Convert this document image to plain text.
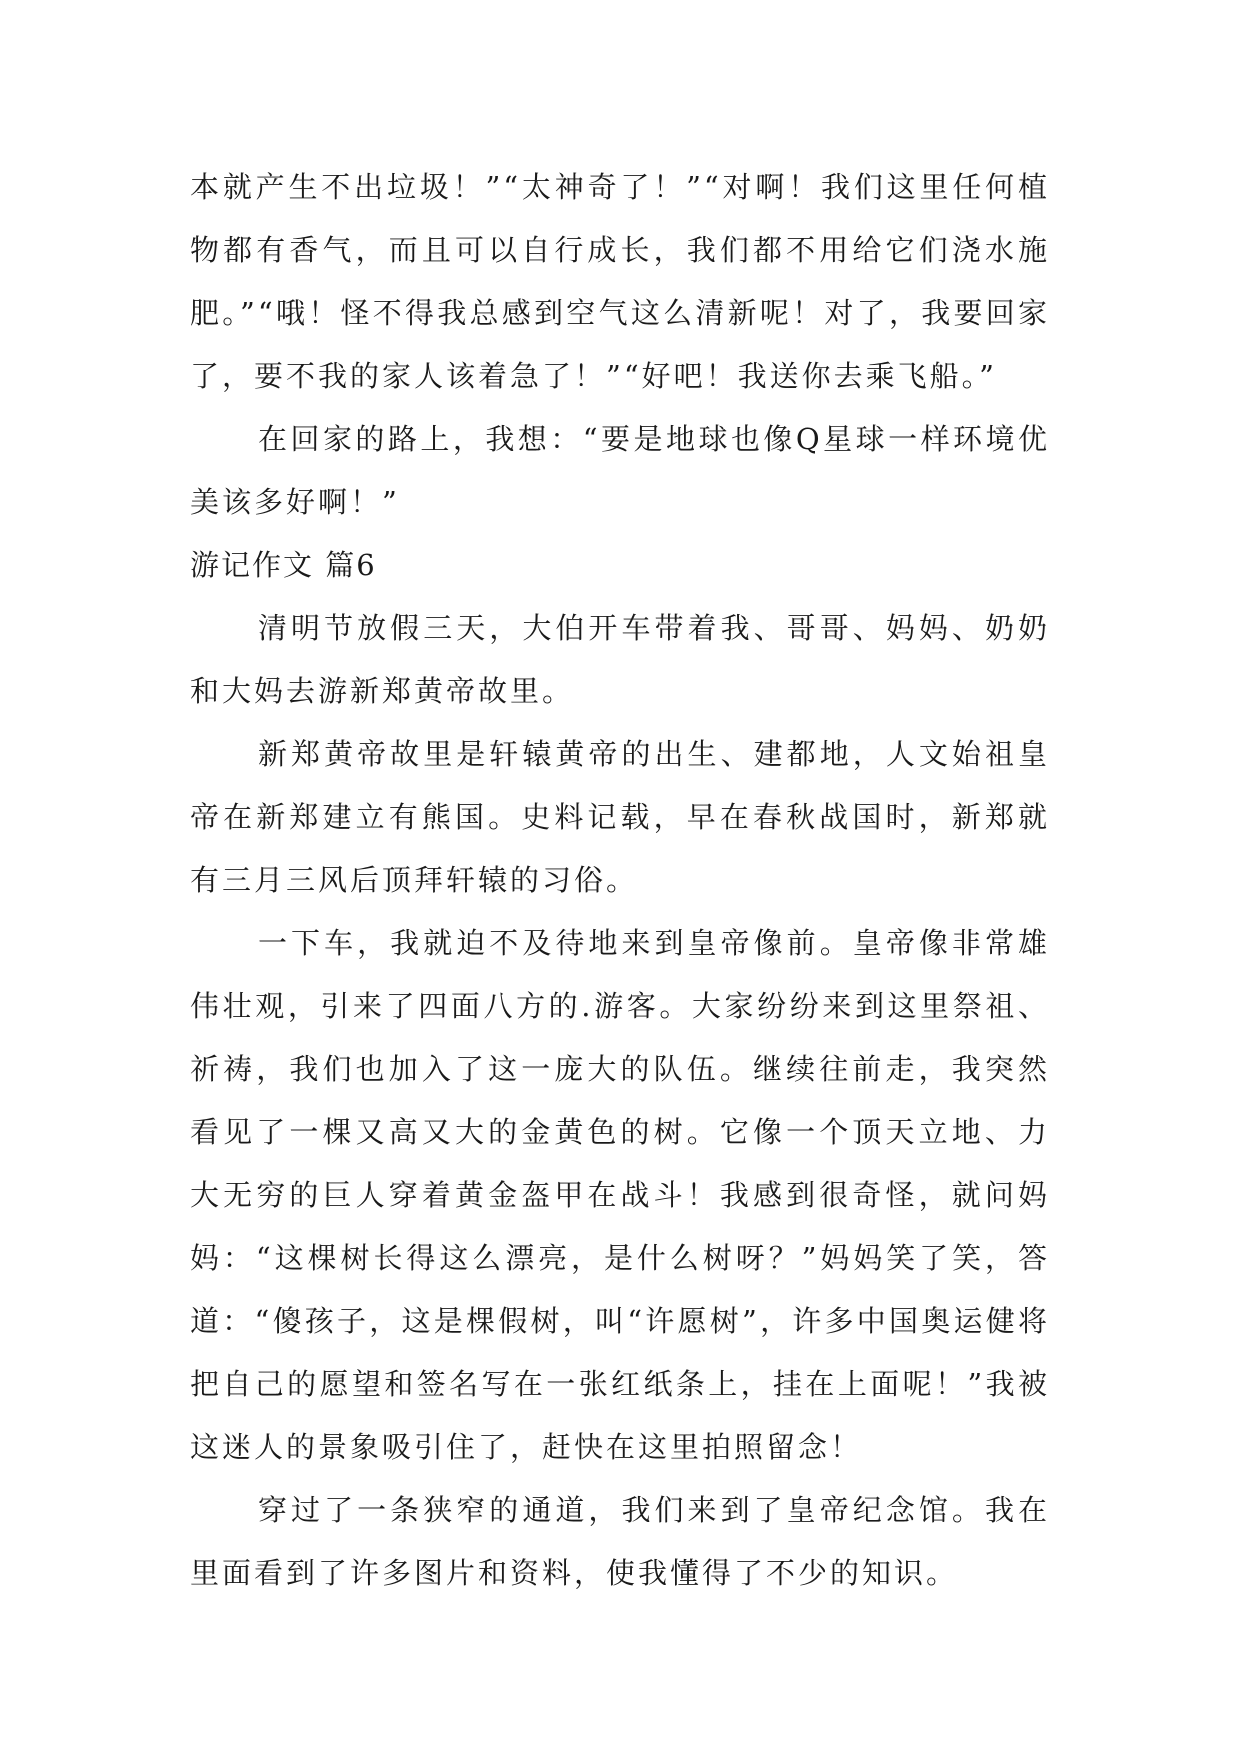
本就产生不出垃圾！”“太神奇了！”“对啊！我们这里任何植物都有香气，而且可以自行成长，我们都不用给它们浇水施肥。”“哦！怪不得我总感到空气这么清新呢！对了，我要回家了，要不我的家人该着急了！”“好吧！我送你去乘飞船。”

在回家的路上，我想：“要是地球也像Q星球一样环境优美该多好啊！”

游记作文 篇6

清明节放假三天，大伯开车带着我、哥哥、妈妈、奶奶和大妈去游新郑黄帝故里。

新郑黄帝故里是轩辕黄帝的出生、建都地，人文始祖皇帝在新郑建立有熊国。史料记载，早在春秋战国时，新郑就有三月三风后顶拜轩辕的习俗。

一下车，我就迫不及待地来到皇帝像前。皇帝像非常雄伟壮观，引来了四面八方的.游客。大家纷纷来到这里祭祖、祈祷，我们也加入了这一庞大的队伍。继续往前走，我突然看见了一棵又高又大的金黄色的树。它像一个顶天立地、力大无穷的巨人穿着黄金盔甲在战斗！我感到很奇怪，就问妈妈：“这棵树长得这么漂亮，是什么树呀？”妈妈笑了笑，答道：“傻孩子，这是棵假树，叫“许愿树”，许多中国奥运健将把自己的愿望和签名写在一张红纸条上，挂在上面呢！”我被这迷人的景象吸引住了，赶快在这里拍照留念！

穿过了一条狭窄的通道，我们来到了皇帝纪念馆。我在里面看到了许多图片和资料，使我懂得了不少的知识。
